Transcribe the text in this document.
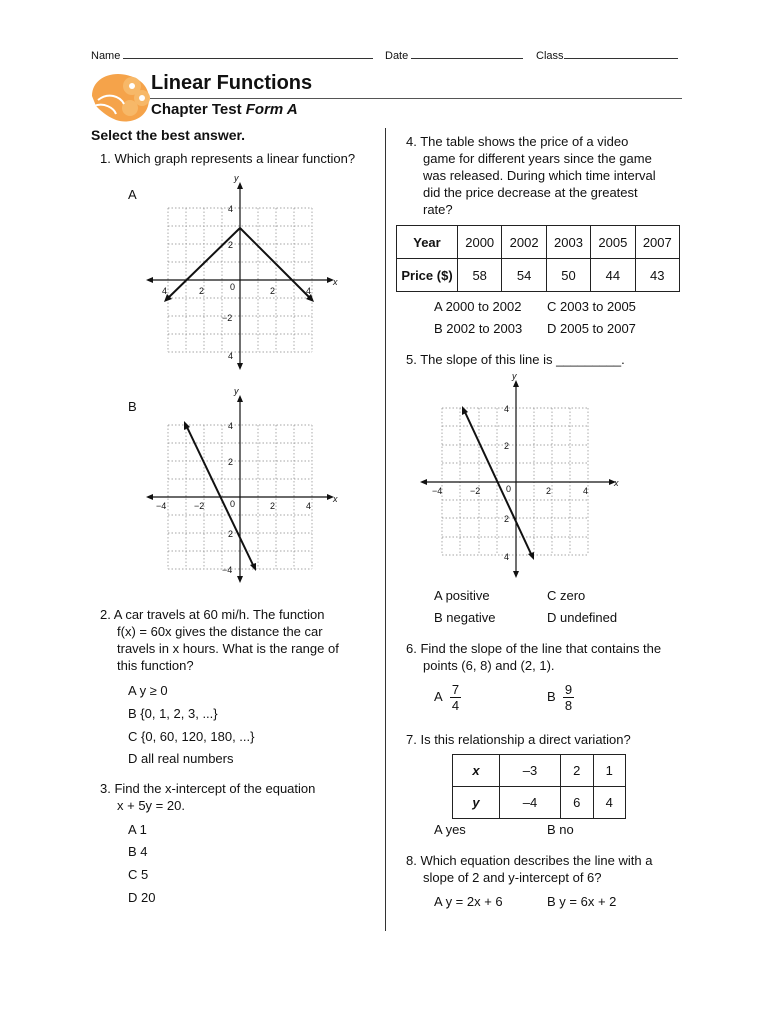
Name	Date	Class
Linear Functions
Chapter Test Form A
Select the best answer.
1. Which graph represents a linear function?
A
y
x
4
2
0
−2
4
4	2	2	4
B
y
x
4
2
0
2
−4
−4	−2	2	4
2. A car travels at 60 mi/h. The function
f(x) = 60x gives the distance the car
travels in x hours. What is the range of
this function?
A y ≥ 0
B {0, 1, 2, 3, ...}
C {0, 60, 120, 180, ...}
D all real numbers
3. Find the x-intercept of the equation
x + 5y = 20.
A 1
B 4
C 5
D 20
4. The table shows the price of a video
game for different years since the game
was released. During which time interval
did the price decrease at the greatest
rate?
Year	2000	2002	2003	2005	2007
Price ($)	58	54	50	44	43
A 2000 to 2002 C 2003 to 2005
B 2002 to 2003 D 2005 to 2007
5. The slope of this line is _________.
y
x
4
2
0
2
4
−4	−2	2	4
A positive	C zero
B negative	D undefined
6. Find the slope of the line that contains the
points (6, 8) and (2, 1).
A $\frac{7}{4}$	B $\frac{9}{8}$
7. Is this relationship a direct variation?
x	–3	2	1
y	–4	6	4
A yes	B no
8. Which equation describes the line with a
slope of 2 and y-intercept of 6?
A y = 2x + 6	B y = 6x + 2
